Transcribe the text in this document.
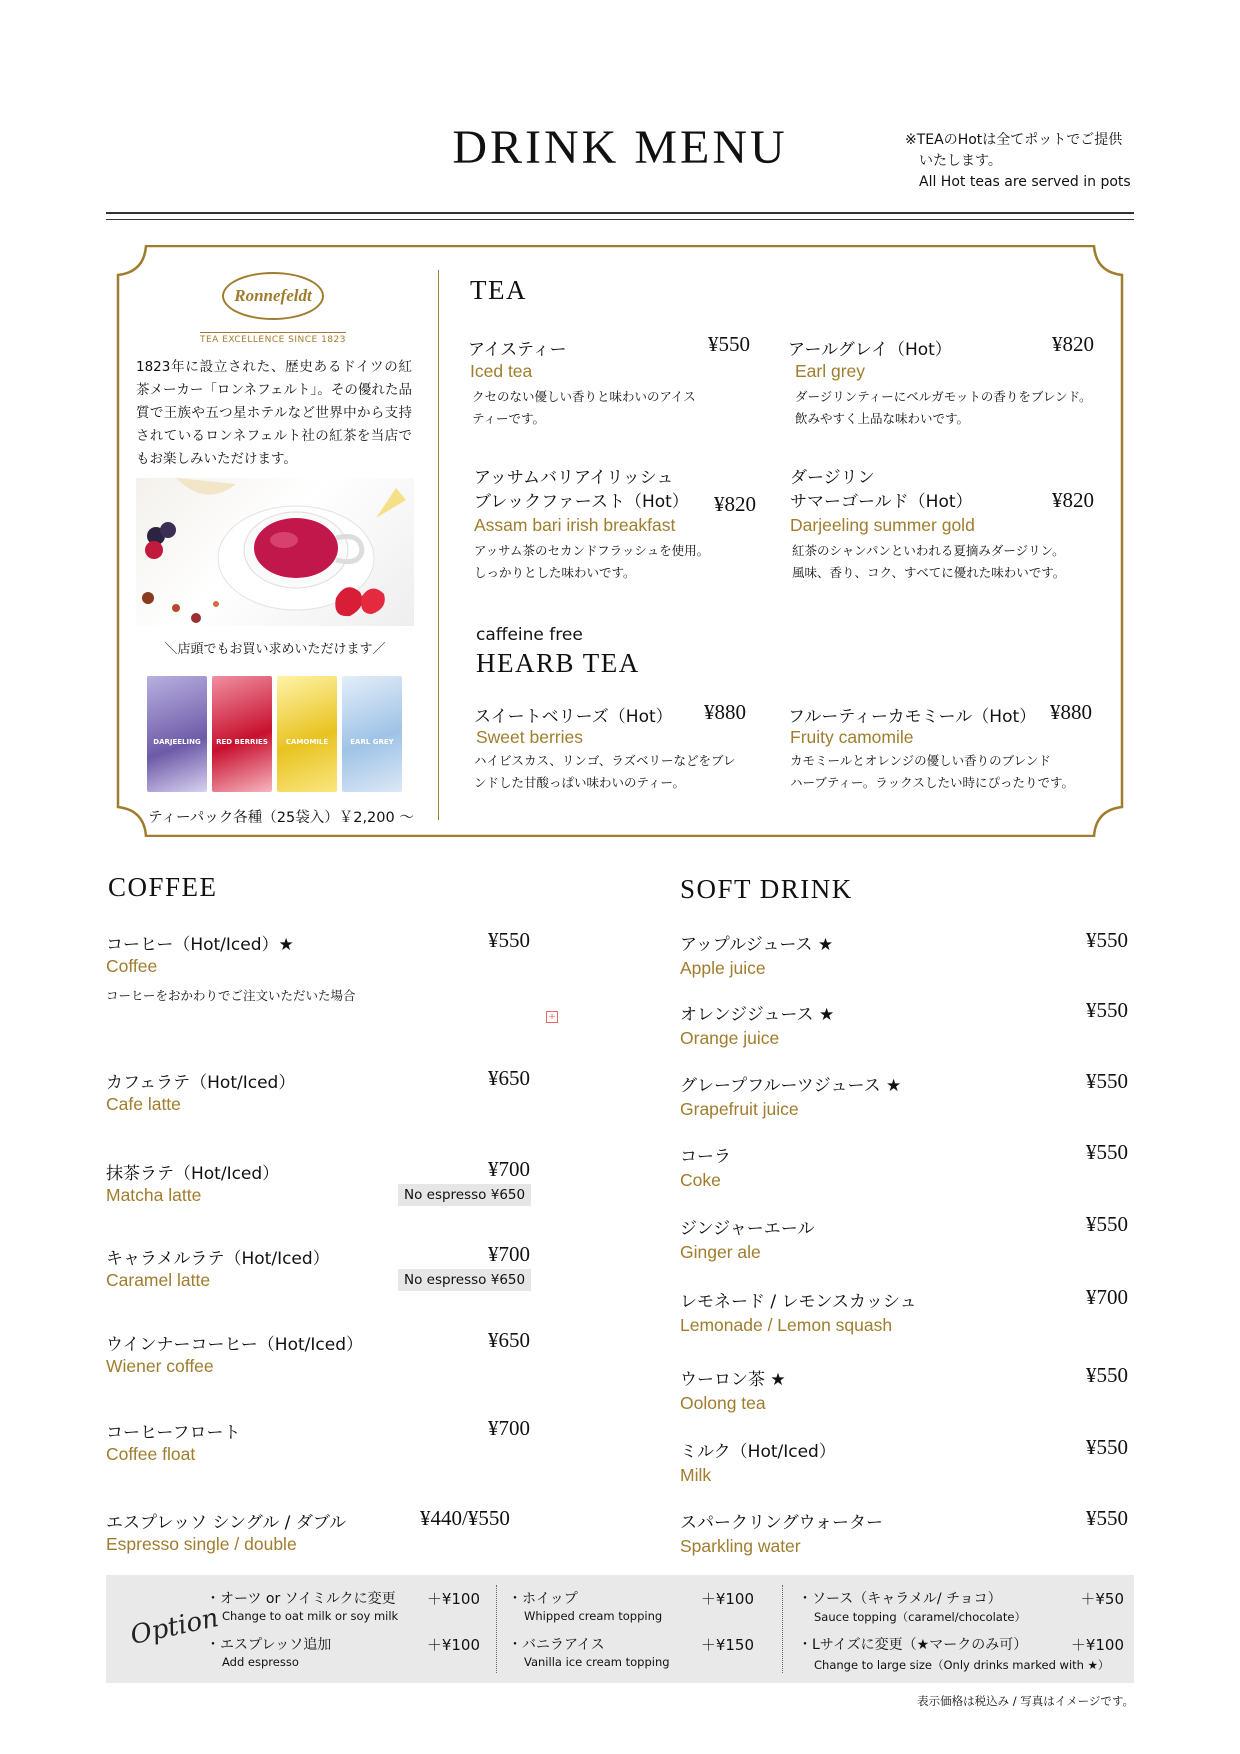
DRINK MENU	※TEAのHotは全てポットでご提供
いたします。
All Hot teas are served in pots
Ronnefeldt
TEA EXCELLENCE SINCE 1823
1823年に設立された、歴史あるドイツの紅茶メーカー「ロンネフェルト」。その優れた品質で王族や五つ星ホテルなど世界中から支持されているロンネフェルト社の紅茶を当店でもお楽しみいただけます。
＼店頭でもお買い求めいただけます／
DARJEELING	RED BERRIES	CAMOMILE	EARL GREY
ティーパック各種（25袋入）￥2,200 〜
TEA
アイスティー	¥550
Iced tea
クセのない優しい香りと味わいのアイス
ティーです。
アールグレイ（Hot）	¥820
Earl grey
ダージリンティーにベルガモットの香りをブレンド。
飲みやすく上品な味わいです。
アッサムバリアイリッシュ
ブレックファースト（Hot） ¥820
Assam bari irish breakfast
アッサム茶のセカンドフラッシュを使用。
しっかりとした味わいです。
ダージリン
サマーゴールド（Hot）	¥820
Darjeeling summer gold
紅茶のシャンパンといわれる夏摘みダージリン。
風味、香り、コク、すべてに優れた味わいです。
caffeine free
HEARB TEA
スイートベリーズ（Hot） ¥880
Sweet berries
ハイビスカス、リンゴ、ラズベリーなどをブレ
ンドした甘酸っぱい味わいのティー。
フルーティーカモミール（Hot） ¥880
Fruity camomile
カモミールとオレンジの優しい香りのブレンド
ハーブティー。ラックスしたい時にぴったりです。
COFFEE
コーヒー（Hot/Iced）★	¥550
Coffee
コーヒーをおかわりでご注文いただいた場合
+
カフェラテ（Hot/Iced）	¥650
Cafe latte
抹茶ラテ（Hot/Iced）	¥700
Matcha latte	No espresso ¥650
キャラメルラテ（Hot/Iced）	¥700
Caramel latte	No espresso ¥650
ウインナーコーヒー（Hot/Iced）	¥650
Wiener coffee
コーヒーフロート	¥700
Coffee float
エスプレッソ シングル / ダブル	¥440/¥550
Espresso single / double
SOFT DRINK
アップルジュース ★	¥550
Apple juice
オレンジジュース ★	¥550
Orange juice
グレープフルーツジュース ★	¥550
Grapefruit juice
コーラ	¥550
Coke
ジンジャーエール	¥550
Ginger ale
レモネード / レモンスカッシュ	¥700
Lemonade / Lemon squash
ウーロン茶 ★	¥550
Oolong tea
ミルク（Hot/Iced）	¥550
Milk
スパークリングウォーター	¥550
Sparkling water
Option
・オーツ or ソイミルクに変更
Change to oat milk or soy milk
＋¥100
・エスプレッソ追加
Add espresso
＋¥100
・ホイップ
Whipped cream topping
＋¥100
・バニラアイス
Vanilla ice cream topping
＋¥150
・ソース（キャラメル/ チョコ）
Sauce topping（caramel/chocolate）
＋¥50
・Lサイズに変更（★マークのみ可）
Change to large size（Only drinks marked with ★）
＋¥100
表示価格は税込み / 写真はイメージです。
